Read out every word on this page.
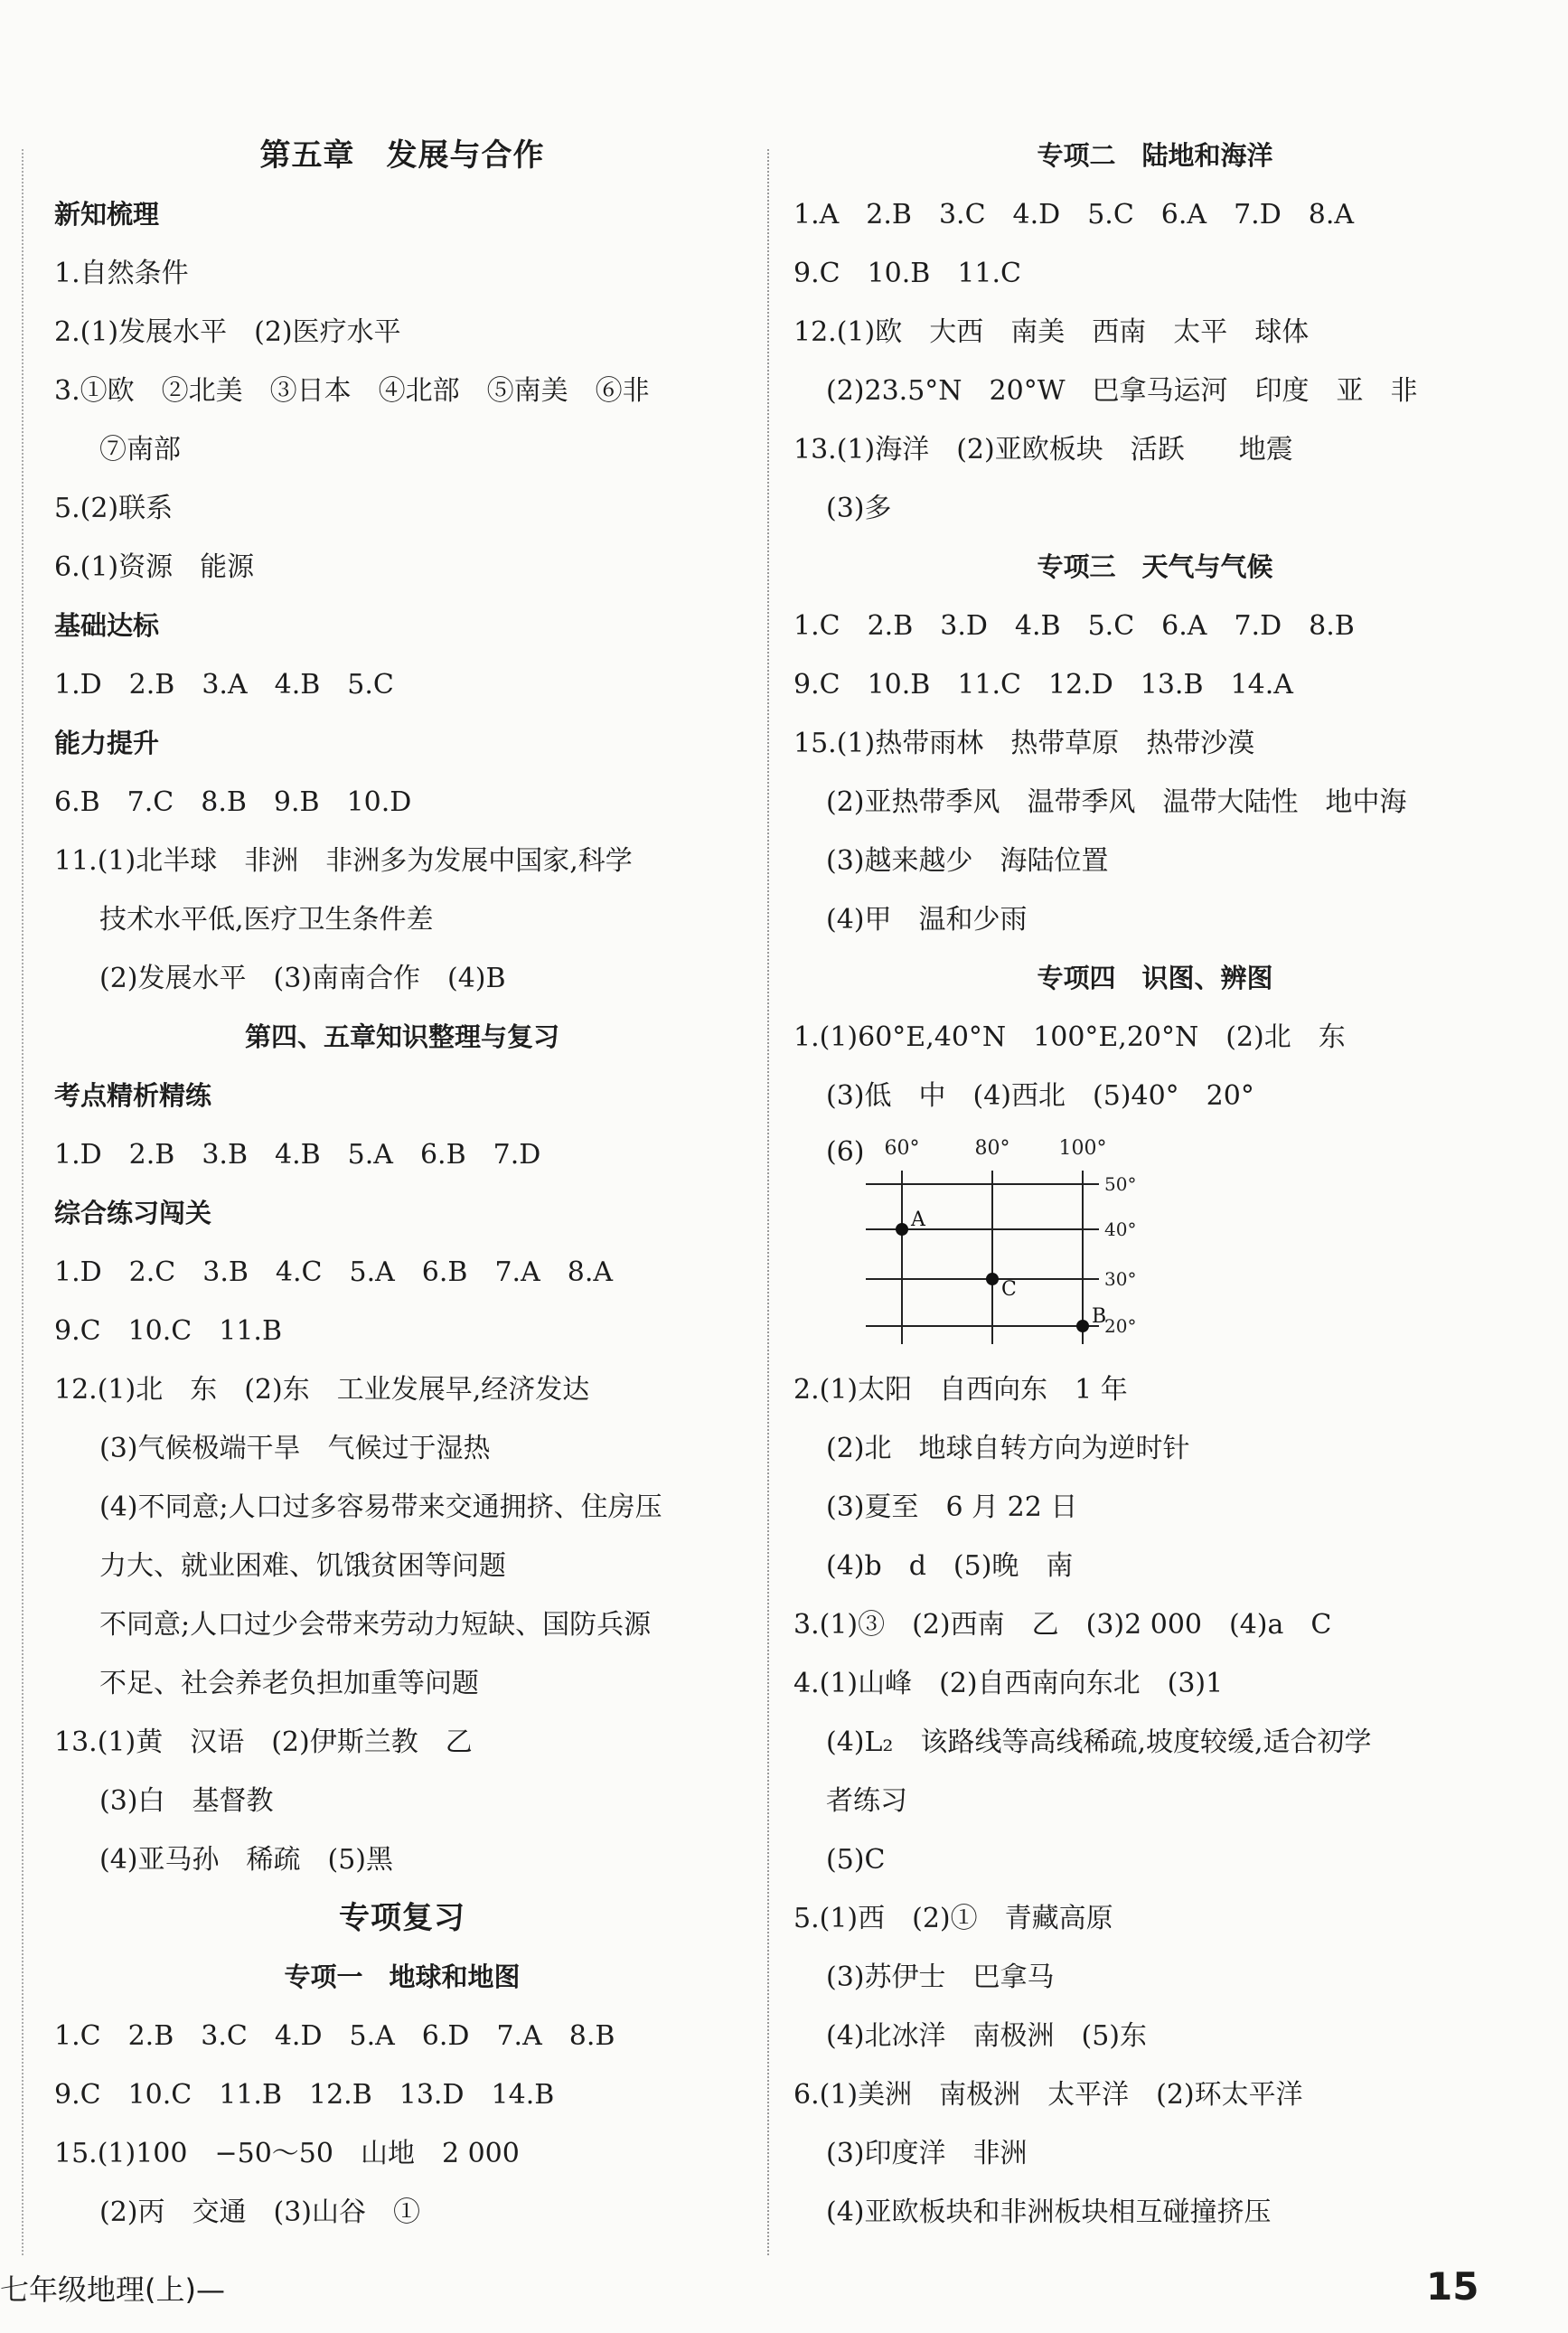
第五章　发展与合作
新知梳理
1.自然条件
2.(1)发展水平　(2)医疗水平
3.①欧　②北美　③日本　④北部　⑤南美　⑥非
⑦南部
5.(2)联系
6.(1)资源　能源
基础达标
1.D　2.B　3.A　4.B　5.C
能力提升
6.B　7.C　8.B　9.B　10.D
11.(1)北半球　非洲　非洲多为发展中国家,科学
技术水平低,医疗卫生条件差
(2)发展水平　(3)南南合作　(4)B
第四、五章知识整理与复习
考点精析精练
1.D　2.B　3.B　4.B　5.A　6.B　7.D
综合练习闯关
1.D　2.C　3.B　4.C　5.A　6.B　7.A　8.A
9.C　10.C　11.B
12.(1)北　东　(2)东　工业发展早,经济发达
(3)气候极端干旱　气候过于湿热
(4)不同意;人口过多容易带来交通拥挤、住房压
力大、就业困难、饥饿贫困等问题
不同意;人口过少会带来劳动力短缺、国防兵源
不足、社会养老负担加重等问题
13.(1)黄　汉语　(2)伊斯兰教　乙
(3)白　基督教
(4)亚马孙　稀疏　(5)黑
专项复习
专项一　地球和地图
1.C　2.B　3.C　4.D　5.A　6.D　7.A　8.B
9.C　10.C　11.B　12.B　13.D　14.B
15.(1)100　−50～50　山地　2 000
(2)丙　交通　(3)山谷　①
专项二　陆地和海洋
1.A　2.B　3.C　4.D　5.C　6.A　7.D　8.A
9.C　10.B　11.C
12.(1)欧　大西　南美　西南　太平　球体
(2)23.5°N　20°W　巴拿马运河　印度　亚　非
13.(1)海洋　(2)亚欧板块　活跃　　地震
(3)多
专项三　天气与气候
1.C　2.B　3.D　4.B　5.C　6.A　7.D　8.B
9.C　10.B　11.C　12.D　13.B　14.A
15.(1)热带雨林　热带草原　热带沙漠
(2)亚热带季风　温带季风　温带大陆性　地中海
(3)越来越少　海陆位置
(4)甲　温和少雨
专项四　识图、辨图
1.(1)60°E,40°N　100°E,20°N　(2)北　东
(3)低　中　(4)西北　(5)40°　20°
(6) 60°	80° 100°
50°
40°
30°
20°
A
C
B
2.(1)太阳　自西向东　1 年
(2)北　地球自转方向为逆时针
(3)夏至　6 月 22 日
(4)b　d　(5)晚　南
3.(1)③　(2)西南　乙　(3)2 000　(4)a　C
4.(1)山峰　(2)自西南向东北　(3)1
(4)L₂　该路线等高线稀疏,坡度较缓,适合初学
者练习
(5)C
5.(1)西　(2)①　青藏高原
(3)苏伊士　巴拿马
(4)北冰洋　南极洲　(5)东
6.(1)美洲　南极洲　太平洋　(2)环太平洋
(3)印度洋　非洲
(4)亚欧板块和非洲板块相互碰撞挤压
七年级地理(上)—	15
